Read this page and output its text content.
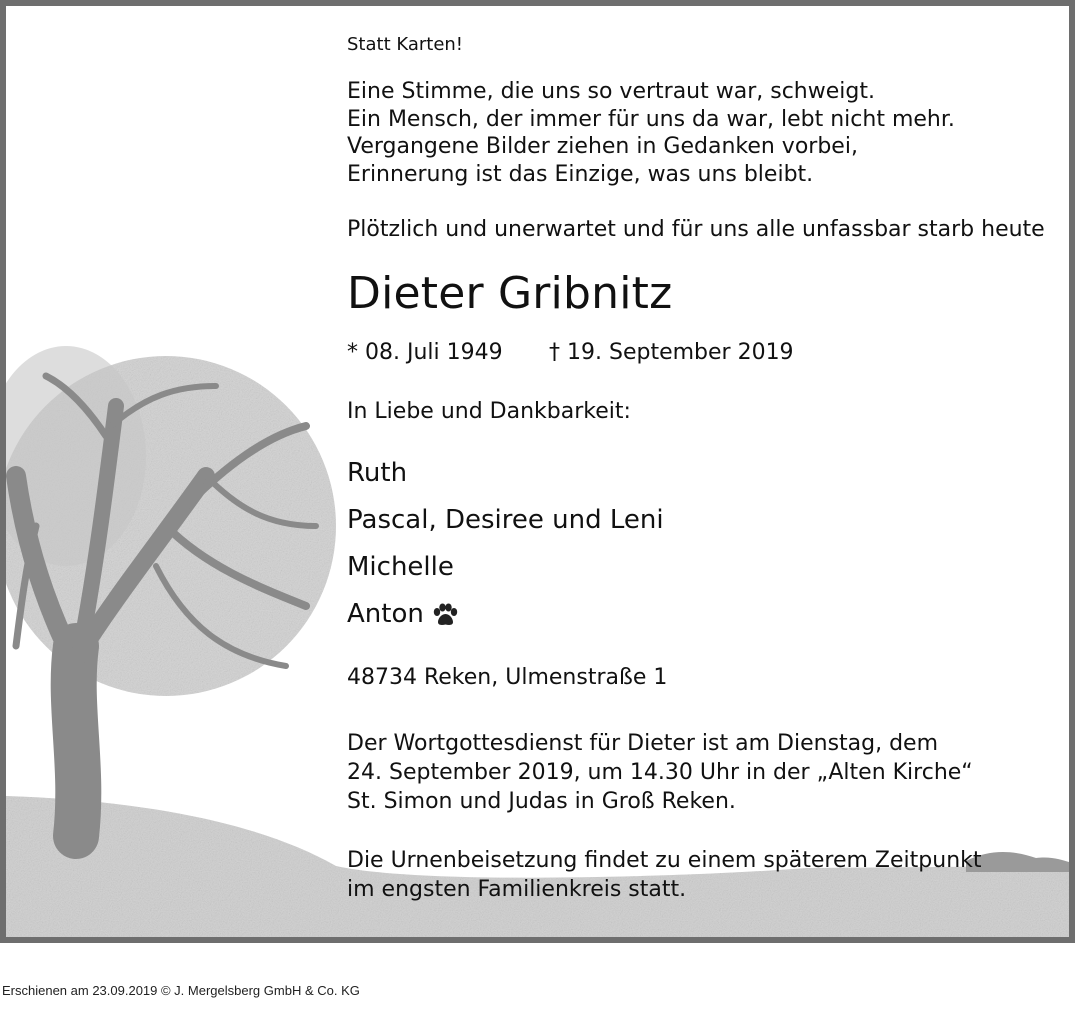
Statt Karten!
Eine Stimme, die uns so vertraut war, schweigt.
Ein Mensch, der immer für uns da war, lebt nicht mehr.
Vergangene Bilder ziehen in Gedanken vorbei,
Erinnerung ist das Einzige, was uns bleibt.
Plötzlich und unerwartet und für uns alle unfassbar starb heute
Dieter Gribnitz
* 08. Juli 1949 † 19. September 2019
In Liebe und Dankbarkeit:
Ruth
Pascal, Desiree und Leni
Michelle
Anton
48734 Reken, Ulmenstraße 1
Der Wortgottesdienst für Dieter ist am Dienstag, dem
24. September 2019, um 14.30 Uhr in der „Alten Kirche“
St. Simon und Judas in Groß Reken.
Die Urnenbeisetzung findet zu einem späterem Zeitpunkt
im engsten Familienkreis statt.
Erschienen am 23.09.2019 © J. Mergelsberg GmbH & Co. KG
